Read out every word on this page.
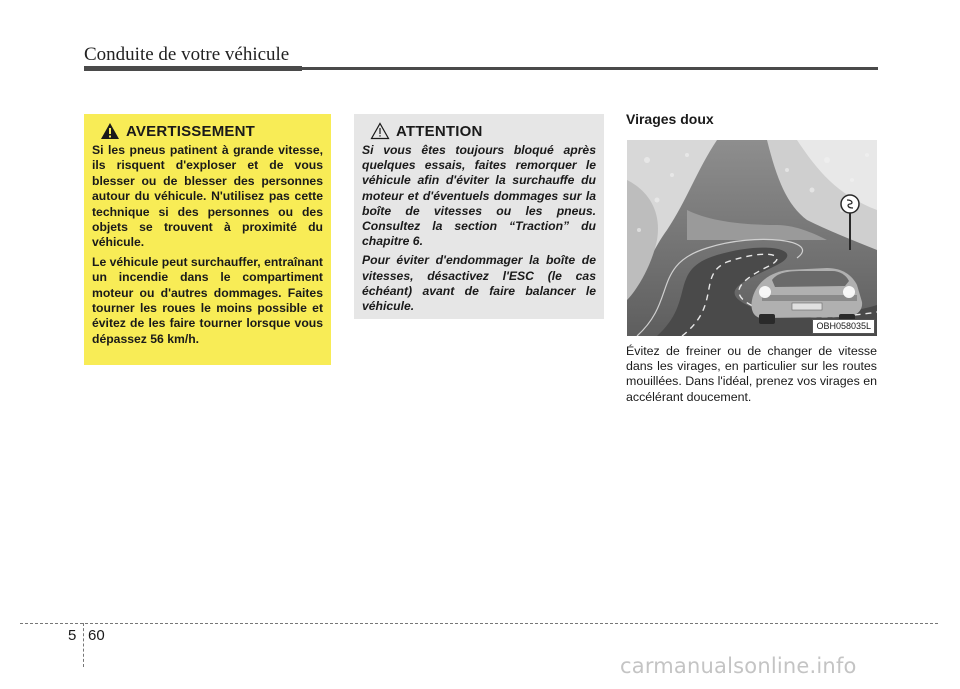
Conduite de votre véhicule
AVERTISSEMENT

Si les pneus patinent à grande vitesse, ils risquent d'exploser et de vous blesser ou de blesser des personnes autour du véhicule. N'utilisez pas cette technique si des personnes ou des objets se trouvent à proximité du véhicule.

Le véhicule peut surchauffer, entraînant un incendie dans le compartiment moteur ou d'autres dommages. Faites tourner les roues le moins possible et évitez de les faire tourner lorsque vous dépassez 56 km/h.

ATTENTION

Si vous êtes toujours bloqué après quelques essais, faites remorquer le véhicule afin d'éviter la surchauffe du moteur et d'éventuels dommages sur la boîte de vitesses ou les pneus. Consultez la section “Traction” du chapitre 6.

Pour éviter d'endommager la boîte de vitesses, désactivez l'ESC (le cas échéant) avant de faire balancer le véhicule.

Virages doux
OBH058035L

Évitez de freiner ou de changer de vitesse dans les virages, en particulier sur les routes mouillées. Dans l'idéal, prenez vos virages en accélérant doucement.

5 60
carmanualsonline.info
